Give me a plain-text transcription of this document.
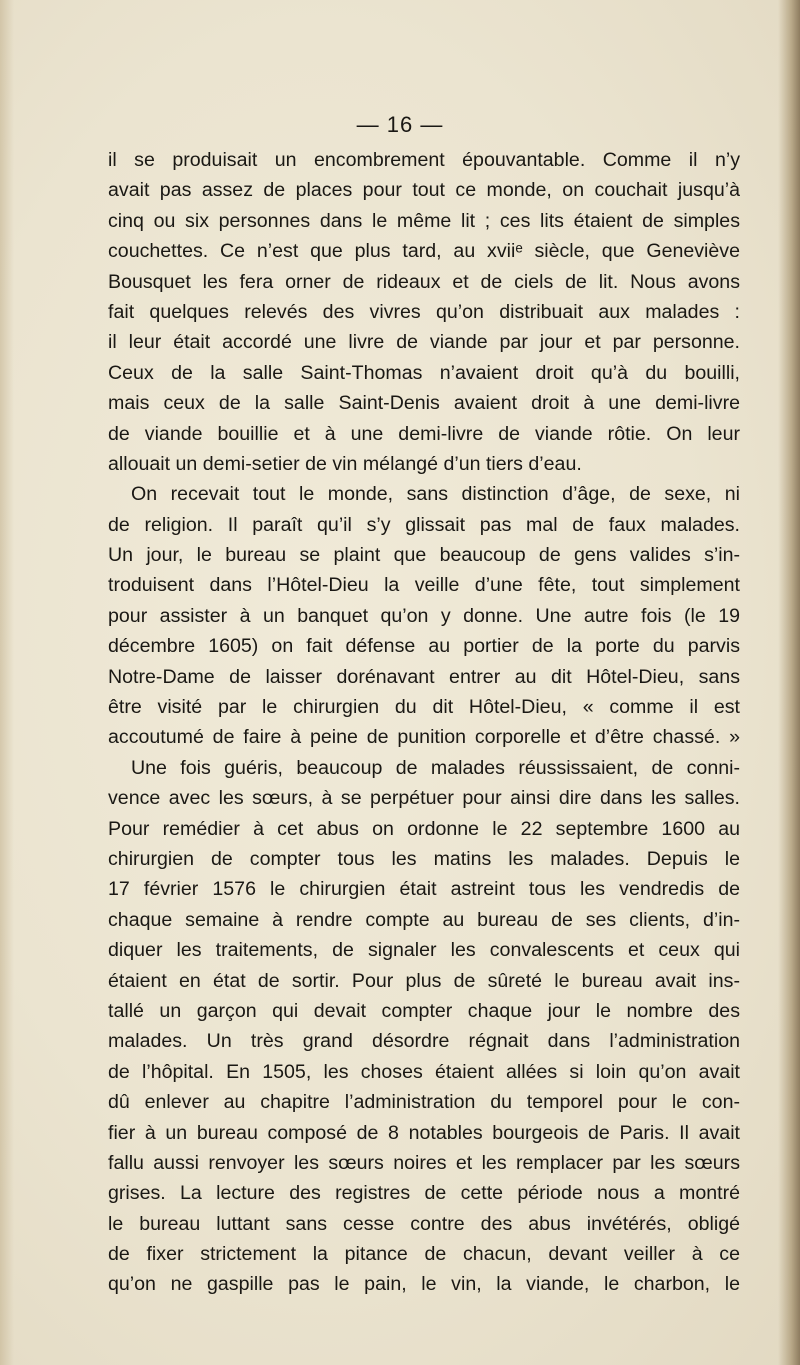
— 16 —
il se produisait un encombrement épouvantable. Comme il n’y
avait pas assez de places pour tout ce monde, on couchait jusqu’à
cinq ou six personnes dans le même lit ; ces lits étaient de simples
couchettes. Ce n’est que plus tard, au xviiᵉ siècle, que Geneviève
Bousquet les fera orner de rideaux et de ciels de lit. Nous avons
fait quelques relevés des vivres qu’on distribuait aux malades :
il leur était accordé une livre de viande par jour et par personne.
Ceux de la salle Saint-Thomas n’avaient droit qu’à du bouilli,
mais ceux de la salle Saint-Denis avaient droit à une demi-livre
de viande bouillie et à une demi-livre de viande rôtie. On leur
allouait un demi-setier de vin mélangé d’un tiers d’eau.
On recevait tout le monde, sans distinction d’âge, de sexe, ni
de religion. Il paraît qu’il s’y glissait pas mal de faux malades.
Un jour, le bureau se plaint que beaucoup de gens valides s’in-
troduisent dans l’Hôtel-Dieu la veille d’une fête, tout simplement
pour assister à un banquet qu’on y donne. Une autre fois (le 19
décembre 1605) on fait défense au portier de la porte du parvis
Notre-Dame de laisser dorénavant entrer au dit Hôtel-Dieu, sans
être visité par le chirurgien du dit Hôtel-Dieu, « comme il est
accoutumé de faire à peine de punition corporelle et d’être chassé. »
Une fois guéris, beaucoup de malades réussissaient, de conni-
vence avec les sœurs, à se perpétuer pour ainsi dire dans les salles.
Pour remédier à cet abus on ordonne le 22 septembre 1600 au
chirurgien de compter tous les matins les malades. Depuis le
17 février 1576 le chirurgien était astreint tous les vendredis de
chaque semaine à rendre compte au bureau de ses clients, d’in-
diquer les traitements, de signaler les convalescents et ceux qui
étaient en état de sortir. Pour plus de sûreté le bureau avait ins-
tallé un garçon qui devait compter chaque jour le nombre des
malades. Un très grand désordre régnait dans l’administration
de l’hôpital. En 1505, les choses étaient allées si loin qu’on avait
dû enlever au chapitre l’administration du temporel pour le con-
fier à un bureau composé de 8 notables bourgeois de Paris. Il avait
fallu aussi renvoyer les sœurs noires et les remplacer par les sœurs
grises. La lecture des registres de cette période nous a montré
le bureau luttant sans cesse contre des abus invétérés, obligé
de fixer strictement la pitance de chacun, devant veiller à ce
qu’on ne gaspille pas le pain, le vin, la viande, le charbon, le
